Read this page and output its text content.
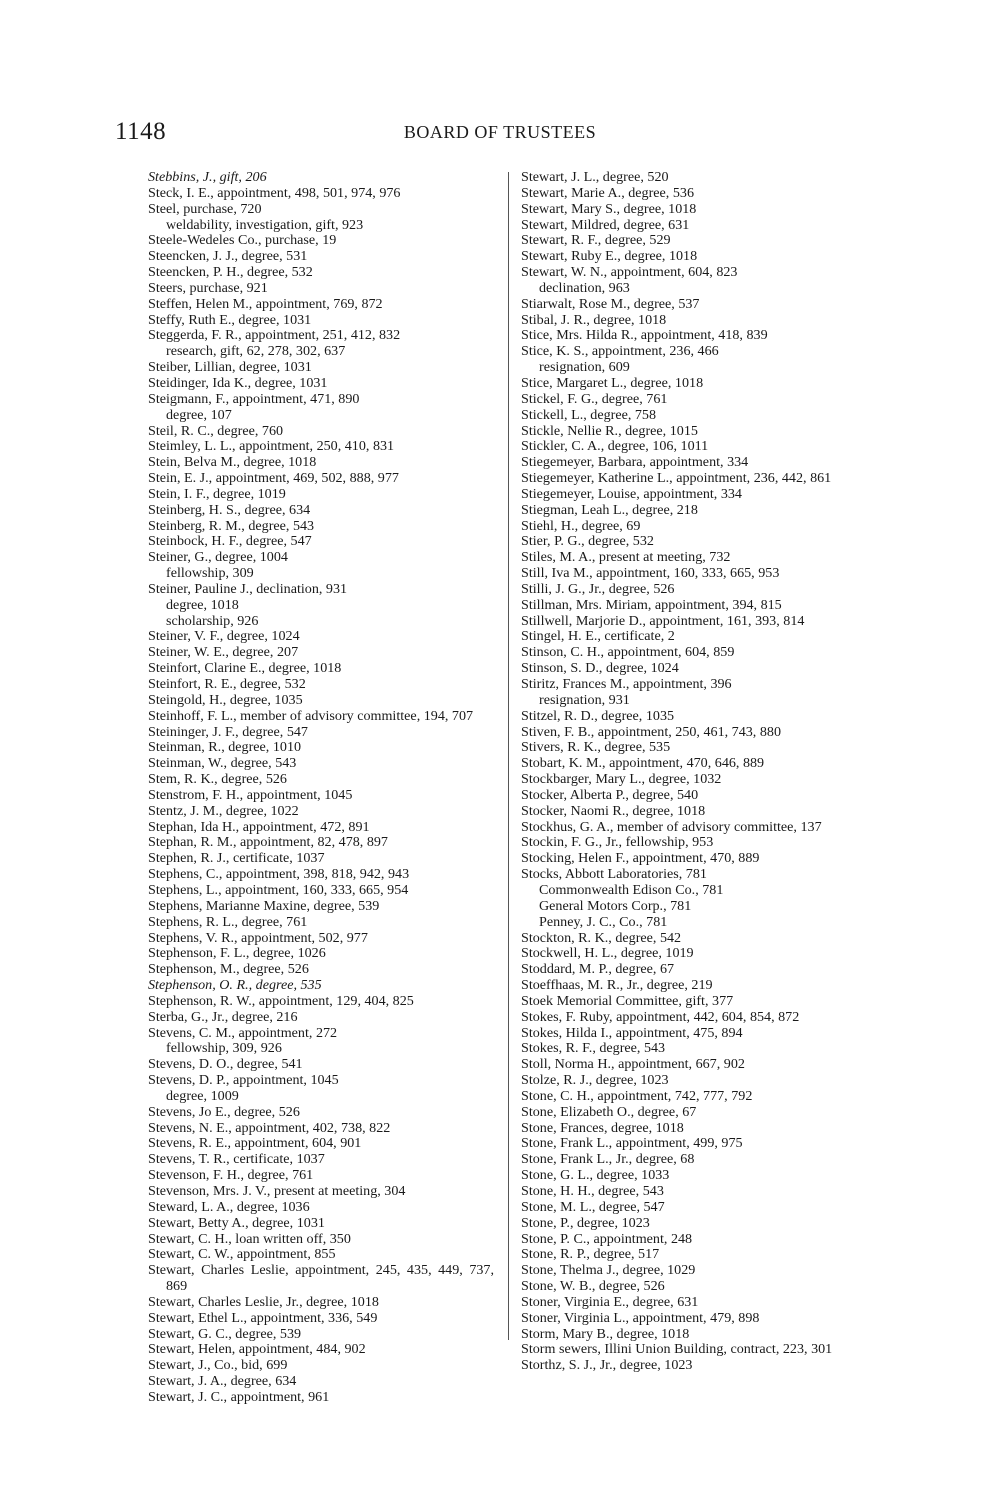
1148	BOARD OF TRUSTEES
Stebbins, J., gift, 206
Steck, I. E., appointment, 498, 501, 974, 976
Steel, purchase, 720
weldability, investigation, gift, 923
Steele-Wedeles Co., purchase, 19
Steencken, J. J., degree, 531
Steencken, P. H., degree, 532
Steers, purchase, 921
Steffen, Helen M., appointment, 769, 872
Steffy, Ruth E., degree, 1031
Steggerda, F. R., appointment, 251, 412, 832
research, gift, 62, 278, 302, 637
Steiber, Lillian, degree, 1031
Steidinger, Ida K., degree, 1031
Steigmann, F., appointment, 471, 890
degree, 107
Steil, R. C., degree, 760
Steimley, L. L., appointment, 250, 410, 831
Stein, Belva M., degree, 1018
Stein, E. J., appointment, 469, 502, 888, 977
Stein, I. F., degree, 1019
Steinberg, H. S., degree, 634
Steinberg, R. M., degree, 543
Steinbock, H. F., degree, 547
Steiner, G., degree, 1004
fellowship, 309
Steiner, Pauline J., declination, 931
degree, 1018
scholarship, 926
Steiner, V. F., degree, 1024
Steiner, W. E., degree, 207
Steinfort, Clarine E., degree, 1018
Steinfort, R. E., degree, 532
Steingold, H., degree, 1035
Steinhoff, F. L., member of advisory committee, 194, 707
Steininger, J. F., degree, 547
Steinman, R., degree, 1010
Steinman, W., degree, 543
Stem, R. K., degree, 526
Stenstrom, F. H., appointment, 1045
Stentz, J. M., degree, 1022
Stephan, Ida H., appointment, 472, 891
Stephan, R. M., appointment, 82, 478, 897
Stephen, R. J., certificate, 1037
Stephens, C., appointment, 398, 818, 942, 943
Stephens, L., appointment, 160, 333, 665, 954
Stephens, Marianne Maxine, degree, 539
Stephens, R. L., degree, 761
Stephens, V. R., appointment, 502, 977
Stephenson, F. L., degree, 1026
Stephenson, M., degree, 526
Stephenson, O. R., degree, 535
Stephenson, R. W., appointment, 129, 404, 825
Sterba, G., Jr., degree, 216
Stevens, C. M., appointment, 272
fellowship, 309, 926
Stevens, D. O., degree, 541
Stevens, D. P., appointment, 1045
degree, 1009
Stevens, Jo E., degree, 526
Stevens, N. E., appointment, 402, 738, 822
Stevens, R. E., appointment, 604, 901
Stevens, T. R., certificate, 1037
Stevenson, F. H., degree, 761
Stevenson, Mrs. J. V., present at meeting, 304
Steward, L. A., degree, 1036
Stewart, Betty A., degree, 1031
Stewart, C. H., loan written off, 350
Stewart, C. W., appointment, 855
Stewart, Charles Leslie, appointment, 245, 435, 449, 737, 869
Stewart, Charles Leslie, Jr., degree, 1018
Stewart, Ethel L., appointment, 336, 549
Stewart, G. C., degree, 539
Stewart, Helen, appointment, 484, 902
Stewart, J., Co., bid, 699
Stewart, J. A., degree, 634
Stewart, J. C., appointment, 961
Stewart, J. L., degree, 520
Stewart, Marie A., degree, 536
Stewart, Mary S., degree, 1018
Stewart, Mildred, degree, 631
Stewart, R. F., degree, 529
Stewart, Ruby E., degree, 1018
Stewart, W. N., appointment, 604, 823
declination, 963
Stiarwalt, Rose M., degree, 537
Stibal, J. R., degree, 1018
Stice, Mrs. Hilda R., appointment, 418, 839
Stice, K. S., appointment, 236, 466
resignation, 609
Stice, Margaret L., degree, 1018
Stickel, F. G., degree, 761
Stickell, L., degree, 758
Stickle, Nellie R., degree, 1015
Stickler, C. A., degree, 106, 1011
Stiegemeyer, Barbara, appointment, 334
Stiegemeyer, Katherine L., appointment, 236, 442, 861
Stiegemeyer, Louise, appointment, 334
Stiegman, Leah L., degree, 218
Stiehl, H., degree, 69
Stier, P. G., degree, 532
Stiles, M. A., present at meeting, 732
Still, Iva M., appointment, 160, 333, 665, 953
Stilli, J. G., Jr., degree, 526
Stillman, Mrs. Miriam, appointment, 394, 815
Stillwell, Marjorie D., appointment, 161, 393, 814
Stingel, H. E., certificate, 2
Stinson, C. H., appointment, 604, 859
Stinson, S. D., degree, 1024
Stiritz, Frances M., appointment, 396
resignation, 931
Stitzel, R. D., degree, 1035
Stiven, F. B., appointment, 250, 461, 743, 880
Stivers, R. K., degree, 535
Stobart, K. M., appointment, 470, 646, 889
Stockbarger, Mary L., degree, 1032
Stocker, Alberta P., degree, 540
Stocker, Naomi R., degree, 1018
Stockhus, G. A., member of advisory committee, 137
Stockin, F. G., Jr., fellowship, 953
Stocking, Helen F., appointment, 470, 889
Stocks, Abbott Laboratories, 781
Commonwealth Edison Co., 781
General Motors Corp., 781
Penney, J. C., Co., 781
Stockton, R. K., degree, 542
Stockwell, H. L., degree, 1019
Stoddard, M. P., degree, 67
Stoeffhaas, M. R., Jr., degree, 219
Stoek Memorial Committee, gift, 377
Stokes, F. Ruby, appointment, 442, 604, 854, 872
Stokes, Hilda I., appointment, 475, 894
Stokes, R. F., degree, 543
Stoll, Norma H., appointment, 667, 902
Stolze, R. J., degree, 1023
Stone, C. H., appointment, 742, 777, 792
Stone, Elizabeth O., degree, 67
Stone, Frances, degree, 1018
Stone, Frank L., appointment, 499, 975
Stone, Frank L., Jr., degree, 68
Stone, G. L., degree, 1033
Stone, H. H., degree, 543
Stone, M. L., degree, 547
Stone, P., degree, 1023
Stone, P. C., appointment, 248
Stone, R. P., degree, 517
Stone, Thelma J., degree, 1029
Stone, W. B., degree, 526
Stoner, Virginia E., degree, 631
Stoner, Virginia L., appointment, 479, 898
Storm, Mary B., degree, 1018
Storm sewers, Illini Union Building, contract, 223, 301
Storthz, S. J., Jr., degree, 1023
